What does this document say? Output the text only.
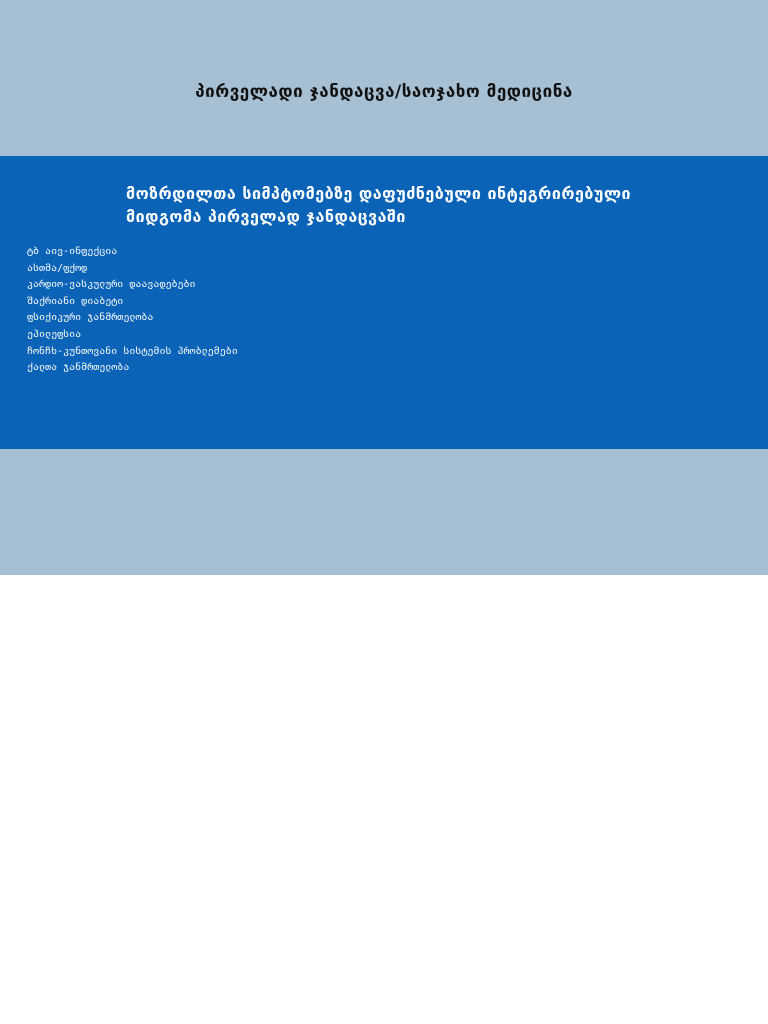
პირველადი ჯანდაცვა/საოჯახო მედიცინა
მოზრდილთა სიმპტომებზე დაფუძნებული ინტეგრირებული
მიდგომა პირველად ჯანდაცვაში
ტბ აივ-ინფექცია
ასთმა/ფქოდ
კარდიო-ვასკულური დაავადებები
შაქრიანი დიაბეტი
ფსიქიკური ჯანმრთელობა
ეპილეფსია
ჩონჩხ-კუნთოვანი სისტემის პრობლემები
ქალთა ჯანმრთელობა
